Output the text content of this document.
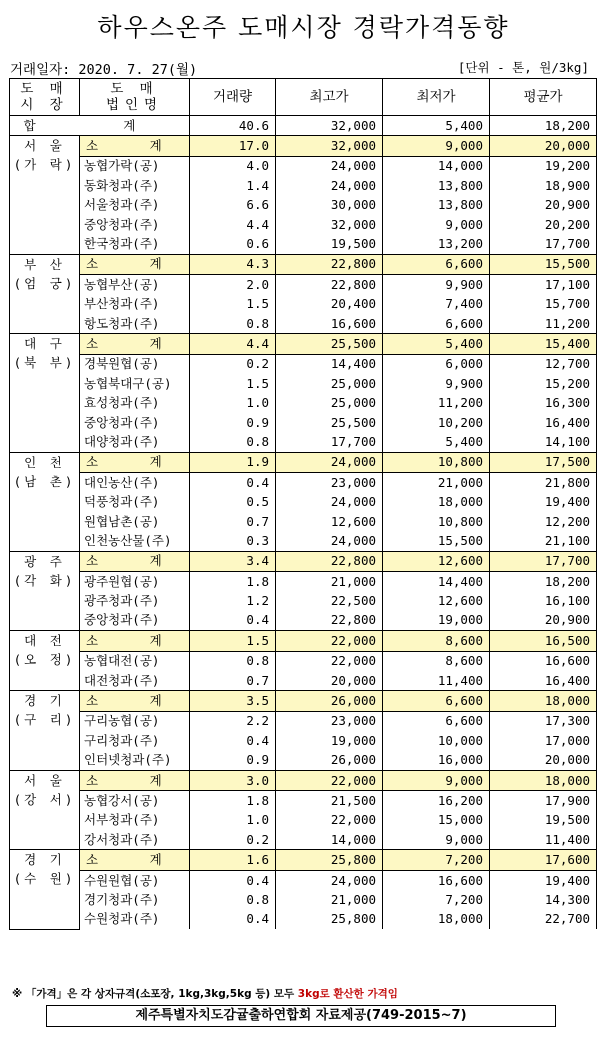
하우스온주 도매시장 경락가격동향
거래일자: 2020. 7. 27(월)	[단위 - 톤, 원/3kg]
도 매
시 장	도 매
법인명	거래량	최고가	최저가	평균가
합 계		40.6	32,000	5,400	18,200

서 울
(가 락)	소 계	17.0	32,000	9,000	20,000
	농협가락(공)	4.0	24,000	14,000	19,200
	동화청과(주)	1.4	24,000	13,800	18,900
	서울청과(주)	6.6	30,000	13,800	20,900
	중앙청과(주)	4.4	32,000	9,000	20,200
	한국청과(주)	0.6	19,500	13,200	17,700

부 산
(엄 궁)	소 계	4.3	22,800	6,600	15,500
	농협부산(공)	2.0	22,800	9,900	17,100
	부산청과(주)	1.5	20,400	7,400	15,700
	항도청과(주)	0.8	16,600	6,600	11,200

대 구
(북 부)	소 계	4.4	25,500	5,400	15,400
	경북원협(공)	0.2	14,400	6,000	12,700
	농협북대구(공)	1.5	25,000	9,900	15,200
	효성청과(주)	1.0	25,000	11,200	16,300
	중앙청과(주)	0.9	25,500	10,200	16,400
	대양청과(주)	0.8	17,700	5,400	14,100

인 천
(남 촌)	소 계	1.9	24,000	10,800	17,500
	대인농산(주)	0.4	23,000	21,000	21,800
	덕풍청과(주)	0.5	24,000	18,000	19,400
	원협남촌(공)	0.7	12,600	10,800	12,200
	인천농산물(주)	0.3	24,000	15,500	21,100

광 주
(각 화)	소 계	3.4	22,800	12,600	17,700
	광주원협(공)	1.8	21,000	14,400	18,200
	광주청과(주)	1.2	22,500	12,600	16,100
	중앙청과(주)	0.4	22,800	19,000	20,900

대 전
(오 정)	소 계	1.5	22,000	8,600	16,500
	농협대전(공)	0.8	22,000	8,600	16,600
	대전청과(주)	0.7	20,000	11,400	16,400

경 기
(구 리)	소 계	3.5	26,000	6,600	18,000
	구리농협(공)	2.2	23,000	6,600	17,300
	구리청과(주)	0.4	19,000	10,000	17,000
	인터넷청과(주)	0.9	26,000	16,000	20,000

서 울
(강 서)	소 계	3.0	22,000	9,000	18,000
	농협강서(공)	1.8	21,500	16,200	17,900
	서부청과(주)	1.0	22,000	15,000	19,500
	강서청과(주)	0.2	14,000	9,000	11,400

경 기
(수 원)	소 계	1.6	25,800	7,200	17,600
	수원원협(공)	0.4	24,000	16,600	19,400
	경기청과(주)	0.8	21,000	7,200	14,300
	수원청과(주)	0.4	25,800	18,000	22,700
※ 「가격」은 각 상자규격(소포장, 1kg,3kg,5kg 등) 모두 3kg로 환산한 가격임
제주특별자치도감귤출하연합회 자료제공(749-2015~7)
